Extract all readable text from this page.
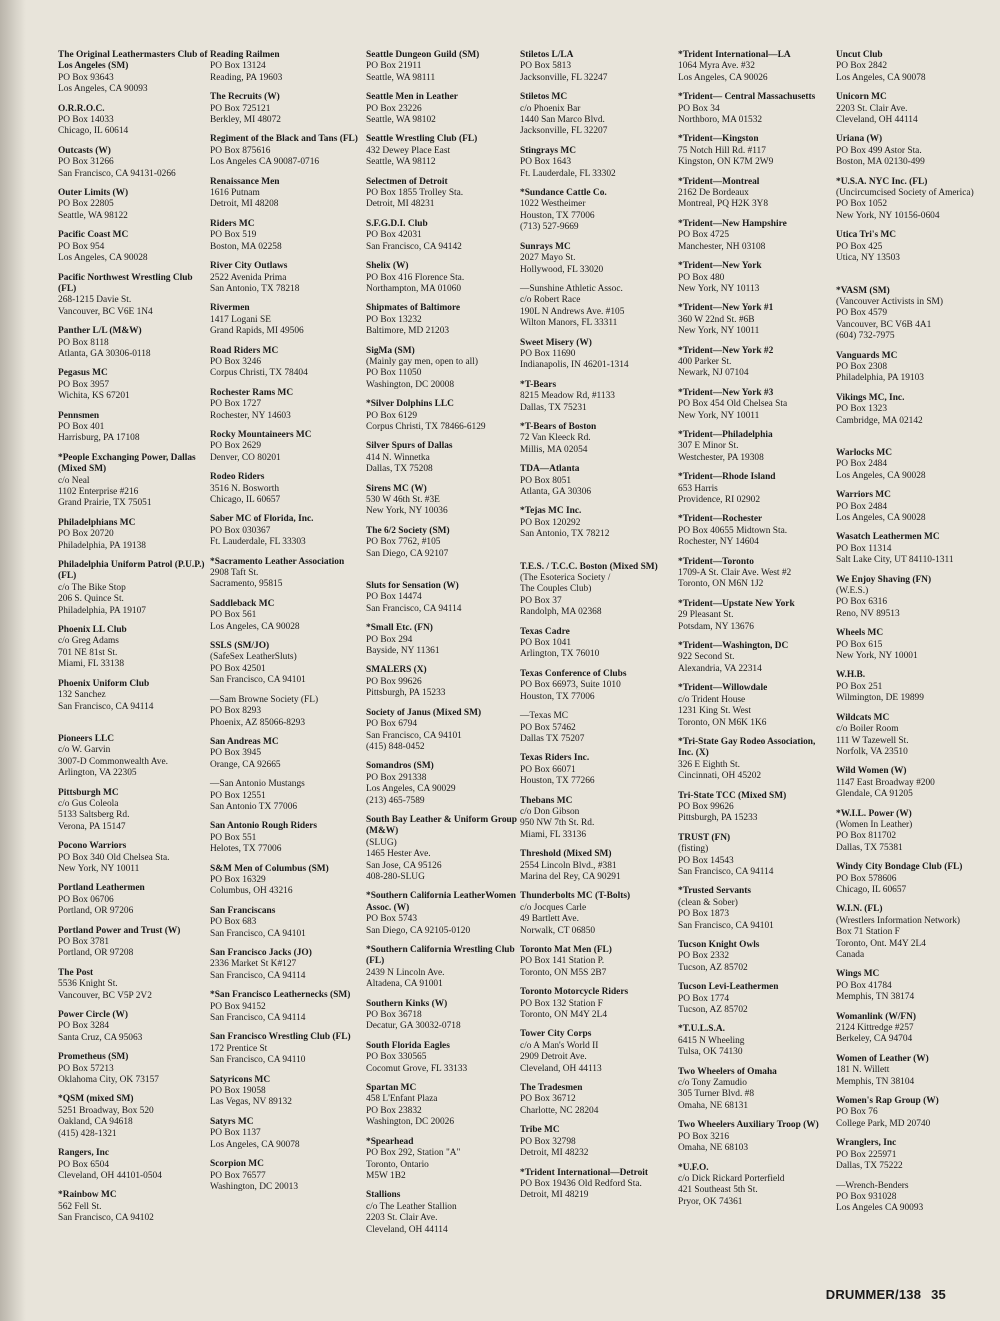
The Original Leathermasters Club of Los Angeles (SM)
PO Box 93643
Los Angeles, CA 90093
O.R.R.O.C.
PO Box 14033
Chicago, IL 60614
Outcasts (W)
PO Box 31266
San Francisco, CA 94131-0266
Outer Limits (W)
PO Box 22805
Seattle, WA 98122
Pacific Coast MC
PO Box 954
Los Angeles, CA 90028
Pacific Northwest Wrestling Club (FL)
268-1215 Davie St.
Vancouver, BC V6E 1N4
Panther L/L (M&W)
PO Box 8118
Atlanta, GA 30306-0118
Pegasus MC
PO Box 3957
Wichita, KS 67201
Pennsmen
PO Box 401
Harrisburg, PA 17108
*People Exchanging Power, Dallas (Mixed SM)
c/o Neal
1102 Enterprise #216
Grand Prairie, TX 75051
Philadelphians MC
PO Box 20720
Philadelphia, PA 19138
Philadelphia Uniform Patrol (P.U.P.) (FL)
c/o The Bike Stop
206 S. Quince St.
Philadelphia, PA 19107
Phoenix LL Club
c/o Greg Adams
701 NE 81st St.
Miami, FL 33138
Phoenix Uniform Club
132 Sanchez
San Francisco, CA 94114
Pioneers LLC
c/o W. Garvin
3007-D Commonwealth Ave.
Arlington, VA 22305
Pittsburgh MC
c/o Gus Coleola
5133 Saltsberg Rd.
Verona, PA 15147
Pocono Warriors
PO Box 340 Old Chelsea Sta.
New York, NY 10011
Portland Leathermen
PO Box 06706
Portland, OR 97206
Portland Power and Trust (W)
PO Box 3781
Portland, OR 97208
The Post
5536 Knight St.
Vancouver, BC V5P 2V2
Power Circle (W)
PO Box 3284
Santa Cruz, CA 95063
Prometheus (SM)
PO Box 57213
Oklahoma City, OK 73157
*QSM (mixed SM)
5251 Broadway, Box 520
Oakland, CA 94618
(415) 428-1321
Rangers, Inc
PO Box 6504
Cleveland, OH 44101-0504
*Rainbow MC
562 Fell St.
San Francisco, CA 94102
Reading Railmen
PO Box 13124
Reading, PA 19603
The Recruits (W)
PO Box 725121
Berkley, MI 48072
Regiment of the Black and Tans (FL)
PO Box 875616
Los Angeles CA 90087-0716
Renaissance Men
1616 Putnam
Detroit, MI 48208
Riders MC
PO Box 519
Boston, MA 02258
River City Outlaws
2522 Avenida Prima
San Antonio, TX 78218
Rivermen
1417 Logani SE
Grand Rapids, MI 49506
Road Riders MC
PO Box 3246
Corpus Christi, TX 78404
Rochester Rams MC
PO Box 1727
Rochester, NY 14603
Rocky Mountaineers MC
PO Box 2629
Denver, CO 80201
Rodeo Riders
3516 N. Bosworth
Chicago, IL 60657
Saber MC of Florida, Inc.
PO Box 030367
Ft. Lauderdale, FL 33303
*Sacramento Leather Association
2908 Taft St.
Sacramento, 95815
Saddleback MC
PO Box 561
Los Angeles, CA 90028
SSLS (SM/JO)
(SafeSex LeatherSluts)
PO Box 42501
San Francisco, CA 94101
—Sam Browne Society (FL)
PO Box 8293
Phoenix, AZ 85066-8293
San Andreas MC
PO Box 3945
Orange, CA 92665
—San Antonio Mustangs
PO Box 12551
San Antonio TX 77006
San Antonio Rough Riders
PO Box 551
Helotes, TX 77006
S&M Men of Columbus (SM)
PO Box 16329
Columbus, OH 43216
San Franciscans
PO Box 683
San Francisco, CA 94101
San Francisco Jacks (JO)
2336 Market St K#127
San Francisco, CA 94114
*San Francisco Leathernecks (SM)
PO Box 94152
San Francisco, CA 94114
San Francisco Wrestling Club (FL)
172 Prentice St
San Francisco, CA 94110
Satyricons MC
PO Box 19058
Las Vegas, NV 89132
Satyrs MC
PO Box 1137
Los Angeles, CA 90078
Scorpion MC
PO Box 76577
Washington, DC 20013
Seattle Dungeon Guild (SM)
PO Box 21911
Seattle, WA 98111
Seattle Men in Leather
PO Box 23226
Seattle, WA 98102
Seattle Wrestling Club (FL)
432 Dewey Place East
Seattle, WA 98112
Selectmen of Detroit
PO Box 1855 Trolley Sta.
Detroit, MI 48231
S.F.G.D.I. Club
PO Box 42031
San Francisco, CA 94142
Shelix (W)
PO Box 416 Florence Sta.
Northampton, MA 01060
Shipmates of Baltimore
PO Box 13232
Baltimore, MD 21203
SigMa (SM)
(Mainly gay men, open to all)
PO Box 11050
Washington, DC 20008
*Silver Dolphins LLC
PO Box 6129
Corpus Christi, TX 78466-6129
Silver Spurs of Dallas
414 N. Winnetka
Dallas, TX 75208
Sirens MC (W)
530 W 46th St. #3E
New York, NY 10036
The 6/2 Society (SM)
PO Box 7762, #105
San Diego, CA 92107
Sluts for Sensation (W)
PO Box 14474
San Francisco, CA 94114
*Small Etc. (FN)
PO Box 294
Bayside, NY 11361
SMALERS (X)
PO Box 99626
Pittsburgh, PA 15233
Society of Janus (Mixed SM)
PO Box 6794
San Francisco, CA 94101
(415) 848-0452
Somandros (SM)
PO Box 291338
Los Angeles, CA 90029
(213) 465-7589
South Bay Leather & Uniform Group (M&W)
(SLUG)
1465 Hester Ave.
San Jose, CA 95126
408-280-SLUG
*Southern California LeatherWomen Assoc. (W)
PO Box 5743
San Diego, CA 92105-0120
*Southern California Wrestling Club (FL)
2439 N Lincoln Ave.
Altadena, CA 91001
Southern Kinks (W)
PO Box 36718
Decatur, GA 30032-0718
South Florida Eagles
PO Box 330565
Cocomut Grove, FL 33133
Spartan MC
458 L'Enfant Plaza
PO Box 23832
Washington, DC 20026
*Spearhead
PO Box 292, Station "A"
Toronto, Ontario
M5W 1B2
Stallions
c/o The Leather Stallion
2203 St. Clair Ave.
Cleveland, OH 44114
Stiletos L/LA
PO Box 5813
Jacksonville, FL 32247
Stiletos MC
c/o Phoenix Bar
1440 San Marco Blvd.
Jacksonville, FL 32207
Stingrays MC
PO Box 1643
Ft. Lauderdale, FL 33302
*Sundance Cattle Co.
1022 Westheimer
Houston, TX 77006
(713) 527-9669
Sunrays MC
2027 Mayo St.
Hollywood, FL 33020
—Sunshine Athletic Assoc.
c/o Robert Race
190L N Andrews Ave. #105
Wilton Manors, FL 33311
Sweet Misery (W)
PO Box 11690
Indianapolis, IN 46201-1314
*T-Bears
8215 Meadow Rd, #1133
Dallas, TX 75231
*T-Bears of Boston
72 Van Kleeck Rd.
Millis, MA 02054
TDA—Atlanta
PO Box 8051
Atlanta, GA 30306
*Tejas MC Inc.
PO Box 120292
San Antonio, TX 78212
T.E.S. / T.C.C. Boston (Mixed SM)
(The Esoterica Society /
The Couples Club)
PO Box 37
Randolph, MA 02368
Texas Cadre
PO Box 1041
Arlington, TX 76010
Texas Conference of Clubs
PO Box 66973, Suite 1010
Houston, TX 77006
—Texas MC
PO Box 57462
Dallas TX 75207
Texas Riders Inc.
PO Box 66071
Houston, TX 77266
Thebans MC
c/o Don Gibson
950 NW 7th St. Rd.
Miami, FL 33136
Threshold (Mixed SM)
2554 Lincoln Blvd., #381
Marina del Rey, CA 90291
Thunderbolts MC (T-Bolts)
c/o Jocques Carle
49 Bartlett Ave.
Norwalk, CT 06850
Toronto Mat Men (FL)
PO Box 141 Station P.
Toronto, ON M5S 2B7
Toronto Motorcycle Riders
PO Box 132 Station F
Toronto, ON M4Y 2L4
Tower City Corps
c/o A Man's World II
2909 Detroit Ave.
Cleveland, OH 44113
The Tradesmen
PO Box 36712
Charlotte, NC 28204
Tribe MC
PO Box 32798
Detroit, MI 48232
*Trident International—Detroit
PO Box 19436 Old Redford Sta.
Detroit, MI 48219
*Trident International—LA
1064 Myra Ave. #32
Los Angeles, CA 90026
*Trident— Central Massachusetts
PO Box 34
Northboro, MA 01532
*Trident—Kingston
75 Notch Hill Rd. #117
Kingston, ON K7M 2W9
*Trident—Montreal
2162 De Bordeaux
Montreal, PQ H2K 3Y8
*Trident—New Hampshire
PO Box 4725
Manchester, NH 03108
*Trident—New York
PO Box 480
New York, NY 10113
*Trident—New York #1
360 W 22nd St. #6B
New York, NY 10011
*Trident—New York #2
400 Parker St.
Newark, NJ 07104
*Trident—New York #3
PO Box 454 Old Chelsea Sta
New York, NY 10011
*Trident—Philadelphia
307 E Minor St.
Westchester, PA 19308
*Trident—Rhode Island
653 Harris
Providence, RI 02902
*Trident—Rochester
PO Box 40655 Midtown Sta.
Rochester, NY 14604
*Trident—Toronto
1709-A St. Clair Ave. West #2
Toronto, ON M6N 1J2
*Trident—Upstate New York
29 Pleasant St.
Potsdam, NY 13676
*Trident—Washington, DC
922 Second St.
Alexandria, VA 22314
*Trident—Willowdale
c/o Trident House
1231 King St. West
Toronto, ON M6K 1K6
*Tri-State Gay Rodeo Association, Inc. (X)
326 E Eighth St.
Cincinnati, OH 45202
Tri-State TCC (Mixed SM)
PO Box 99626
Pittsburgh, PA 15233
TRUST (FN)
(fisting)
PO Box 14543
San Francisco, CA 94114
*Trusted Servants
(clean & Sober)
PO Box 1873
San Francisco, CA 94101
Tucson Knight Owls
PO Box 2332
Tucson, AZ 85702
Tucson Levi-Leathermen
PO Box 1774
Tucson, AZ 85702
*T.U.L.S.A.
6415 N Wheeling
Tulsa, OK 74130
Two Wheelers of Omaha
c/o Tony Zamudio
305 Turner Blvd. #8
Omaha, NE 68131
Two Wheelers Auxiliary Troop (W)
PO Box 3216
Omaha, NE 68103
*U.F.O.
c/o Dick Rickard Porterfield
421 Southeast 5th St.
Pryor, OK 74361
Uncut Club
PO Box 2842
Los Angeles, CA 90078
Unicorn MC
2203 St. Clair Ave.
Cleveland, OH 44114
Uriana (W)
PO Box 499 Astor Sta.
Boston, MA 02130-499
*U.S.A. NYC Inc. (FL)
(Uncircumcised Society of America)
PO Box 1052
New York, NY 10156-0604
Utica Tri's MC
PO Box 425
Utica, NY 13503
*VASM (SM)
(Vancouver Activists in SM)
PO Box 4579
Vancouver, BC V6B 4A1
(604) 732-7975
Vanguards MC
PO Box 2308
Philadelphia, PA 19103
Vikings MC, Inc.
PO Box 1323
Cambridge, MA 02142
Warlocks MC
PO Box 2484
Los Angeles, CA 90028
Warriors MC
PO Box 2484
Los Angeles, CA 90028
Wasatch Leathermen MC
PO Box 11314
Salt Lake City, UT 84110-1311
We Enjoy Shaving (FN)
(W.E.S.)
PO Box 6316
Reno, NV 89513
Wheels MC
PO Box 615
New York, NY 10001
W.H.B.
PO Box 251
Wilmington, DE 19899
Wildcats MC
c/o Boiler Room
111 W Tazewell St.
Norfolk, VA 23510
Wild Women (W)
1147 East Broadway #200
Glendale, CA 91205
*W.I.L. Power (W)
(Women In Leather)
PO Box 811702
Dallas, TX 75381
Windy City Bondage Club (FL)
PO Box 578606
Chicago, IL 60657
W.I.N. (FL)
(Wrestlers Information Network)
Box 71 Station F
Toronto, Ont. M4Y 2L4
Canada
Wings MC
PO Box 41784
Memphis, TN 38174
Womanlink (W/FN)
2124 Kittredge #257
Berkeley, CA 94704
Women of Leather (W)
181 N. Willett
Memphis, TN 38104
Women's Rap Group (W)
PO Box 76
College Park, MD 20740
Wranglers, Inc
PO Box 225971
Dallas, TX 75222
—Wrench-Benders
PO Box 931028
Los Angeles CA 90093
DRUMMER/138 35
